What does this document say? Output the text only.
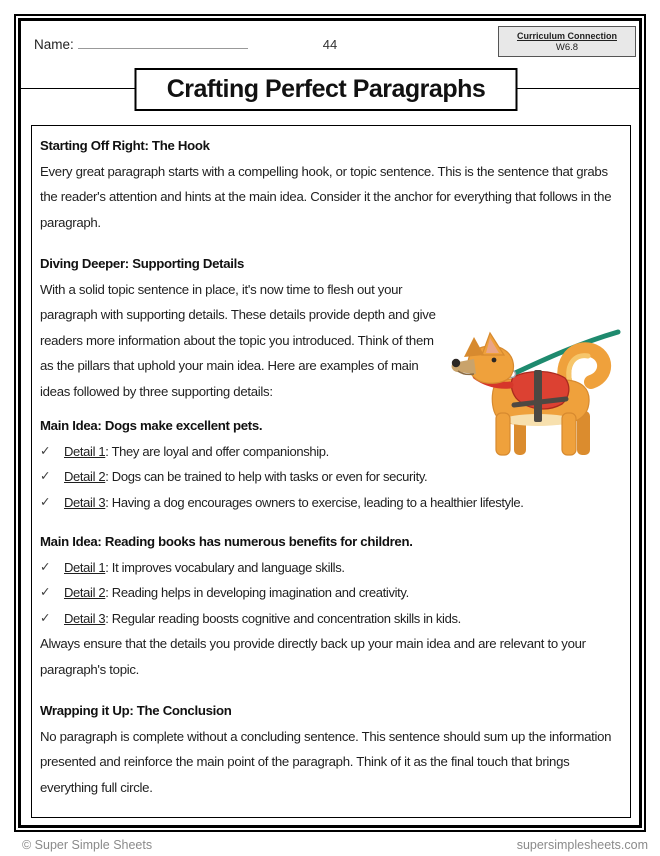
Name:	44
Curriculum Connection
W6.8
Crafting Perfect Paragraphs
Starting Off Right: The Hook

Every great paragraph starts with a compelling hook, or topic sentence. This is the sentence that grabs the reader's attention and hints at the main idea. Consider it the anchor for everything that follows in the paragraph.

Diving Deeper: Supporting Details

With a solid topic sentence in place, it's now time to flesh out your paragraph with supporting details. These details provide depth and give readers more information about the topic you introduced. Think of them as the pillars that uphold your main idea. Here are examples of main ideas followed by three supporting details:

Main Idea: Dogs make excellent pets.
✓	Detail 1: They are loyal and offer companionship.
✓	Detail 2: Dogs can be trained to help with tasks or even for security.
✓	Detail 3: Having a dog encourages owners to exercise, leading to a healthier lifestyle.
Main Idea: Reading books has numerous benefits for children.
✓	Detail 1: It improves vocabulary and language skills.
✓	Detail 2: Reading helps in developing imagination and creativity.
✓	Detail 3: Regular reading boosts cognitive and concentration skills in kids.

Always ensure that the details you provide directly back up your main idea and are relevant to your paragraph's topic.

Wrapping it Up: The Conclusion

No paragraph is complete without a concluding sentence. This sentence should sum up the information presented and reinforce the main point of the paragraph. Think of it as the final touch that brings everything full circle.

© Super Simple Sheets	supersimplesheets.com
